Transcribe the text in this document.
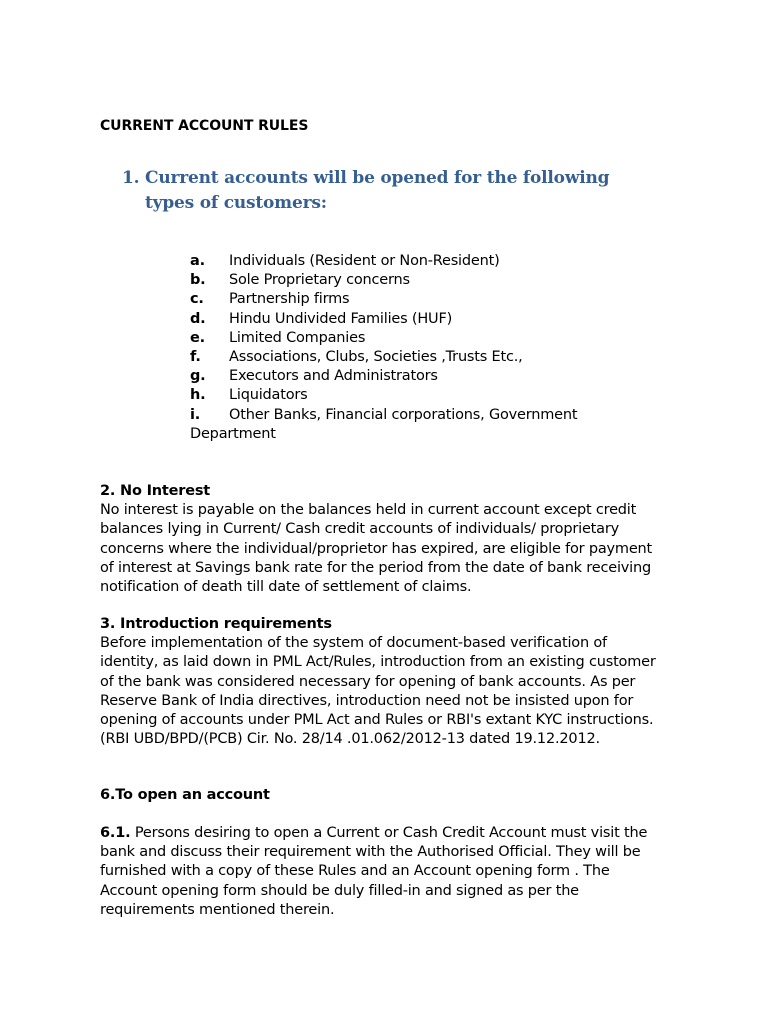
CURRENT ACCOUNT RULES
1. Current accounts will be opened for the following types of customers:
a. Individuals (Resident or Non-Resident)
b. Sole Proprietary concerns
c. Partnership firms
d. Hindu Undivided Families (HUF)
e. Limited Companies
f. Associations, Clubs, Societies ,Trusts Etc.,
g. Executors and Administrators
h. Liquidators
i. Other Banks, Financial corporations, Government
Department
2. No Interest

No interest is payable on the balances held in current account except credit balances lying in Current/ Cash credit accounts of individuals/ proprietary concerns where the individual/proprietor has expired, are eligible for payment of interest at Savings bank rate for the period from the date of bank receiving notification of death till date of settlement of claims.

3. Introduction requirements

Before implementation of the system of document-based verification of identity, as laid down in PML Act/Rules, introduction from an existing customer of the bank was considered necessary for opening of bank accounts. As per Reserve Bank of India directives, introduction need not be insisted upon for opening of accounts under PML Act and Rules or RBI's extant KYC instructions. (RBI UBD/BPD/(PCB) Cir. No. 28/14 .01.062/2012-13 dated 19.12.2012.

6.To open an account

6.1. Persons desiring to open a Current or Cash Credit Account must visit the bank and discuss their requirement with the Authorised Official. They will be furnished with a copy of these Rules and an Account opening form . The Account opening form should be duly filled-in and signed as per the requirements mentioned therein.
